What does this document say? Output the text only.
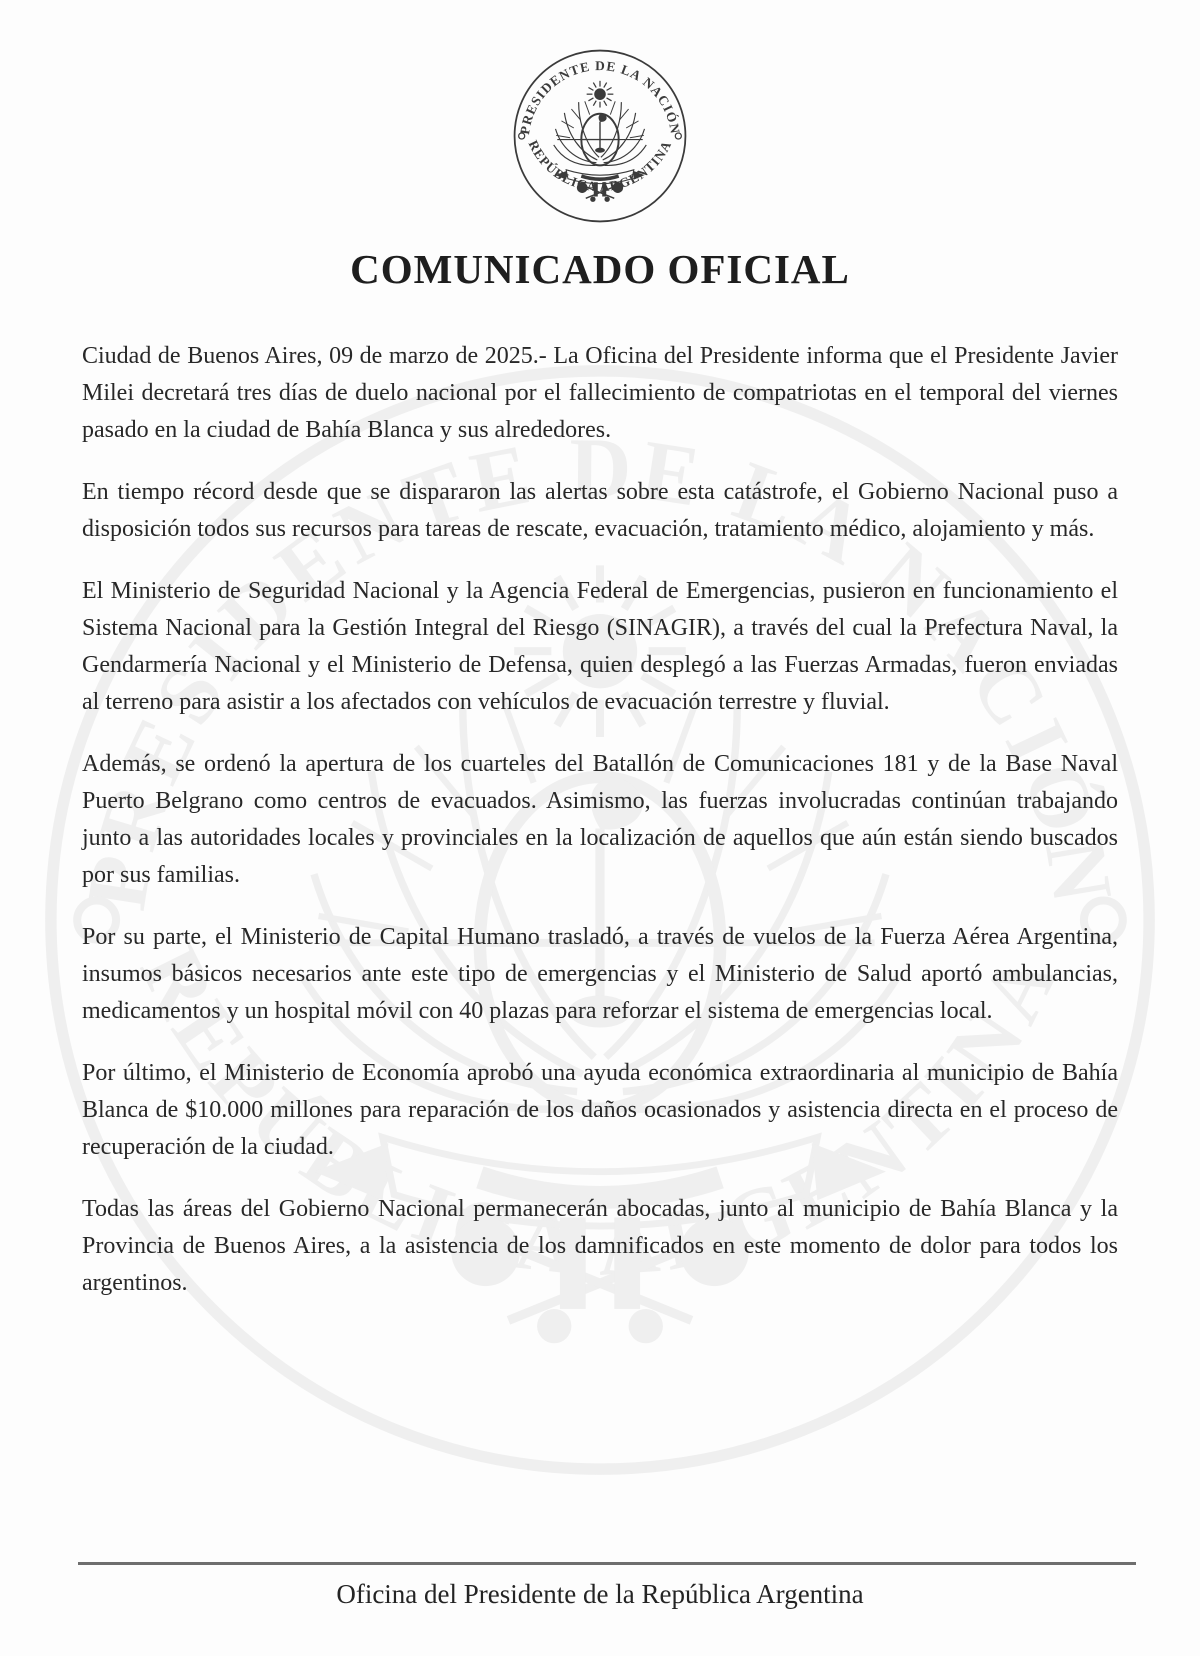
COMUNICADO OFICIAL

Ciudad de Buenos Aires, 09 de marzo de 2025.- La Oficina del Presidente informa que el Presidente Javier Milei decretará tres días de duelo nacional por el fallecimiento de compatriotas en el temporal del viernes pasado en la ciudad de Bahía Blanca y sus alrededores.

En tiempo récord desde que se dispararon las alertas sobre esta catástrofe, el Gobierno Nacional puso a disposición todos sus recursos para tareas de rescate, evacuación, tratamiento médico, alojamiento y más.

El Ministerio de Seguridad Nacional y la Agencia Federal de Emergencias, pusieron en funcionamiento el Sistema Nacional para la Gestión Integral del Riesgo (SINAGIR), a través del cual la Prefectura Naval, la Gendarmería Nacional y el Ministerio de Defensa, quien desplegó a las Fuerzas Armadas, fueron enviadas al terreno para asistir a los afectados con vehículos de evacuación terrestre y fluvial.

Además, se ordenó la apertura de los cuarteles del Batallón de Comunicaciones 181 y de la Base Naval Puerto Belgrano como centros de evacuados. Asimismo, las fuerzas involucradas continúan trabajando junto a las autoridades locales y provinciales en la localización de aquellos que aún están siendo buscados por sus familias.

Por su parte, el Ministerio de Capital Humano trasladó, a través de vuelos de la Fuerza Aérea Argentina, insumos básicos necesarios ante este tipo de emergencias y el Ministerio de Salud aportó ambulancias, medicamentos y un hospital móvil con 40 plazas para reforzar el sistema de emergencias local.

Por último, el Ministerio de Economía aprobó una ayuda económica extraordinaria al municipio de Bahía Blanca de $10.000 millones para reparación de los daños ocasionados y asistencia directa en el proceso de recuperación de la ciudad.

Todas las áreas del Gobierno Nacional permanecerán abocadas, junto al municipio de Bahía Blanca y la Provincia de Buenos Aires, a la asistencia de los damnificados en este momento de dolor para todos los argentinos.

Oficina del Presidente de la República Argentina
